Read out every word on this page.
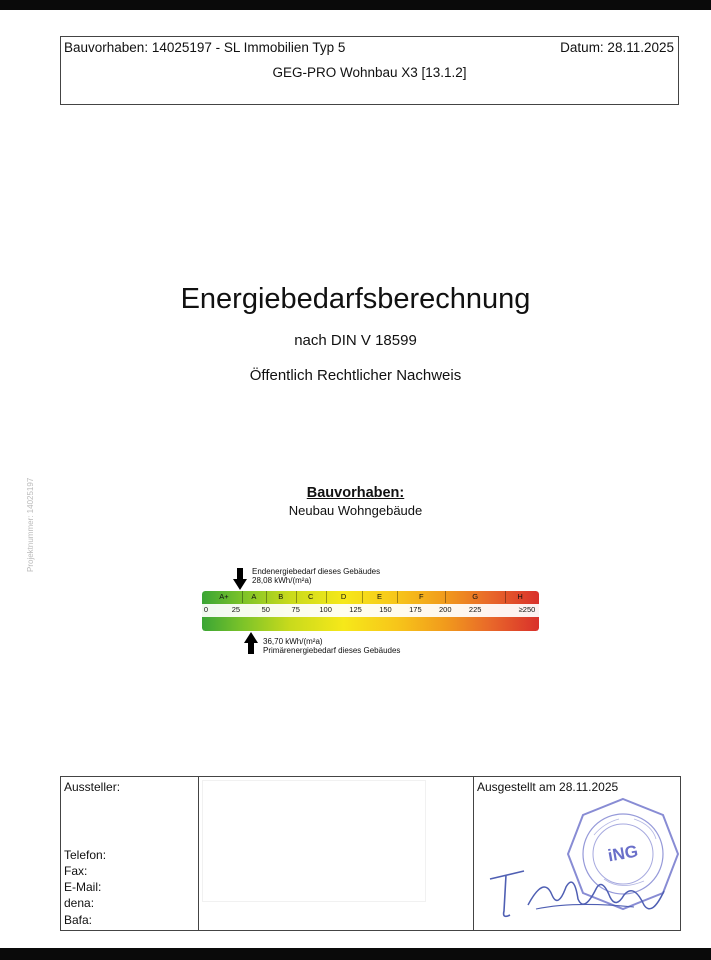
Bauvorhaben: 14025197 - SL Immobilien Typ 5	Datum: 28.11.2025
GEG-PRO Wohnbau X3 [13.1.2]
Projektnummer: 14025197
Energiebedarfsberechnung
nach DIN V 18599
Öffentlich Rechtlicher Nachweis
Bauvorhaben:
Neubau Wohngebäude
Endenergiebedarf dieses Gebäudes
28,08 kWh/(m²a)
A+	A	B	C	D	E	F	G	H
0	25	50	75	100 125 150 175 200 225	≥250
36,70 kWh/(m²a)
Primärenergiebedarf dieses Gebäudes
Aussteller:
Telefon:
Fax:
E-Mail:
dena:
Bafa:
Ausgestellt am 28.11.2025
iNG
